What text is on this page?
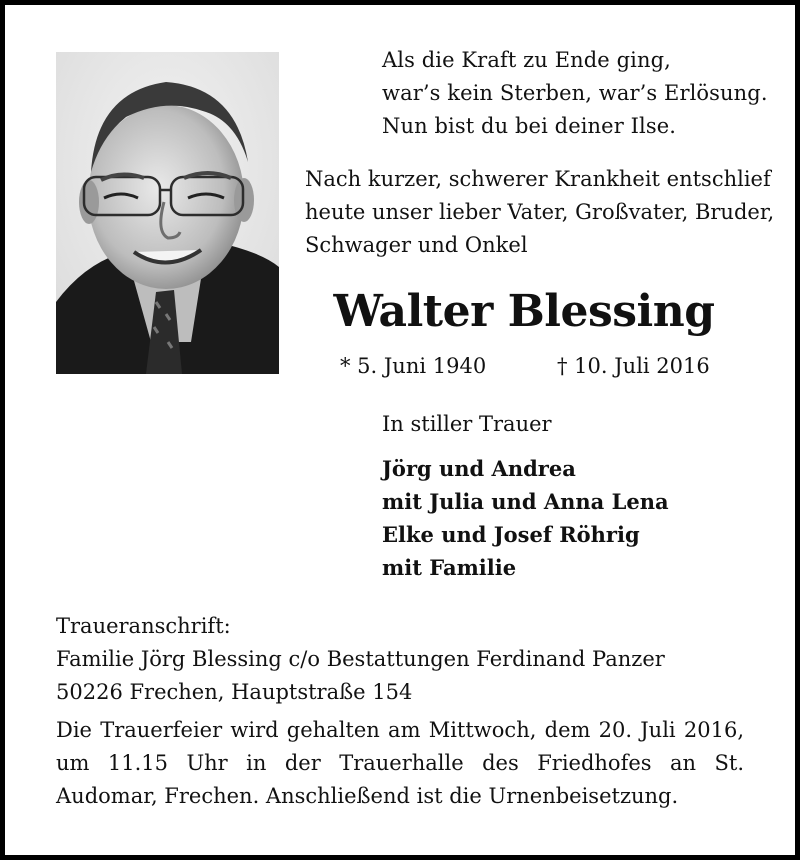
Als die Kraft zu Ende ging,
war’s kein Sterben, war’s Erlösung.
Nun bist du bei deiner Ilse.
Nach kurzer, schwerer Krankheit entschlief
heute unser lieber Vater, Großvater, Bruder,
Schwager und Onkel
Walter Blessing
* 5. Juni 1940	† 10. Juli 2016
In stiller Trauer
Jörg und Andrea
mit Julia und Anna Lena
Elke und Josef Röhrig
mit Familie
Traueranschrift:
Familie Jörg Blessing c/o Bestattungen Ferdinand Panzer
50226 Frechen, Hauptstraße 154
Die Trauerfeier wird gehalten am Mittwoch, dem 20. Juli 2016, um 11.15 Uhr in der Trauerhalle des Friedhofes an St. Audomar, Frechen. Anschließend ist die Urnenbeisetzung.
